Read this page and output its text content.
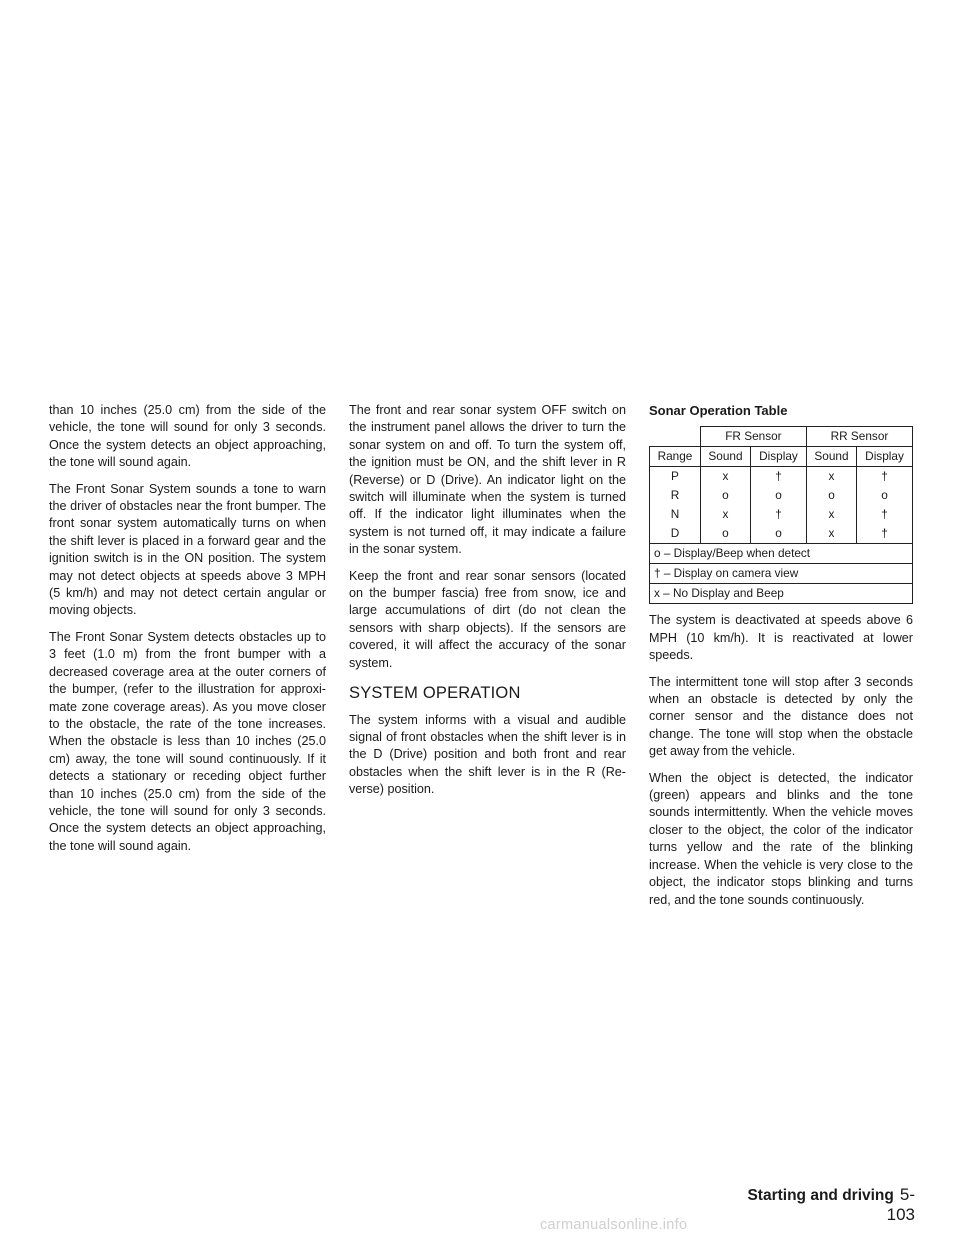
than 10 inches (25.0 cm) from the side of the vehicle, the tone will sound for only 3 seconds. Once the system detects an object approaching, the tone will sound again.

The Front Sonar System sounds a tone to warn the driver of obstacles near the front bumper. The front sonar system automatically turns on when the shift lever is placed in a forward gear and the ignition switch is in the ON position. The system may not detect objects at speeds above 3 MPH (5 km/h) and may not detect certain angular or moving objects.

The Front Sonar System detects obstacles up to 3 feet (1.0 m) from the front bumper with a decreased coverage area at the outer corners of the bumper, (refer to the illustration for approxi-mate zone coverage areas). As you move closer to the obstacle, the rate of the tone increases. When the obstacle is less than 10 inches (25.0 cm) away, the tone will sound continuously. If it detects a stationary or receding object further than 10 inches (25.0 cm) from the side of the vehicle, the tone will sound for only 3 seconds. Once the system detects an object approaching, the tone will sound again.

The front and rear sonar system OFF switch on the instrument panel allows the driver to turn the sonar system on and off. To turn the system off, the ignition must be ON, and the shift lever in R (Reverse) or D (Drive). An indicator light on the switch will illuminate when the system is turned off. If the indicator light illuminates when the system is not turned off, it may indicate a failure in the sonar system.

Keep the front and rear sonar sensors (located on the bumper fascia) free from snow, ice and large accumulations of dirt (do not clean the sensors with sharp objects). If the sensors are covered, it will affect the accuracy of the sonar system.

SYSTEM OPERATION

The system informs with a visual and audible signal of front obstacles when the shift lever is in the D (Drive) position and both front and rear obstacles when the shift lever is in the R (Re-verse) position.

Sonar Operation Table
	FR Sensor		RR Sensor	
Range	Sound	Display	Sound	Display
P	x	†	x	†
R	o	o	o	o
N	x	†	x	†
D	o	o	x	†
o – Display/Beep when detect				
† – Display on camera view				
x – No Display and Beep				

The system is deactivated at speeds above 6 MPH (10 km/h). It is reactivated at lower speeds.

The intermittent tone will stop after 3 seconds when an obstacle is detected by only the corner sensor and the distance does not change. The tone will stop when the obstacle get away from the vehicle.

When the object is detected, the indicator (green) appears and blinks and the tone sounds intermittently. When the vehicle moves closer to the object, the color of the indicator turns yellow and the rate of the blinking increase. When the vehicle is very close to the object, the indicator stops blinking and turns red, and the tone sounds continuously.

Starting and driving 5-103
carmanualsonline.info
